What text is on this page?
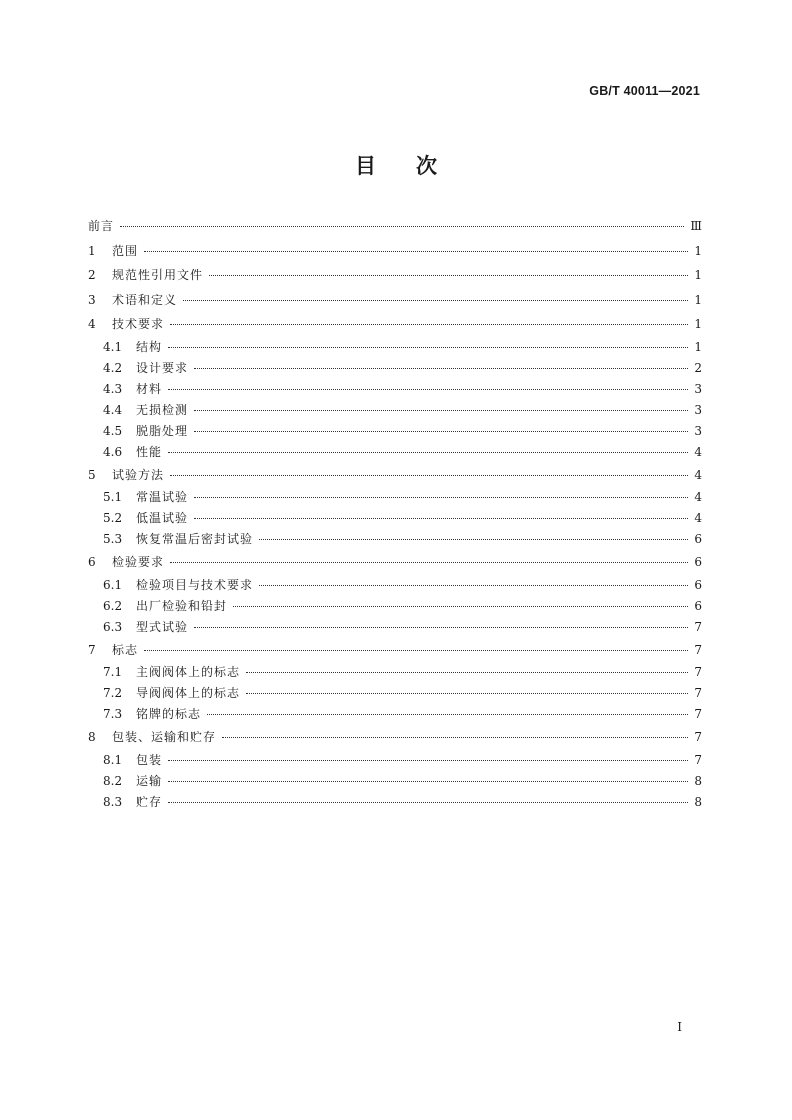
GB/T 40011—2021
目 次
前言	Ⅲ
1	范围	1
2	规范性引用文件	1
3	术语和定义	1
4	技术要求	1
4.1	结构	1
4.2	设计要求	2
4.3	材料	3
4.4	无损检测	3
4.5	脱脂处理	3
4.6	性能	4
5	试验方法	4
5.1	常温试验	4
5.2	低温试验	4
5.3	恢复常温后密封试验	6
6	检验要求	6
6.1	检验项目与技术要求	6
6.2	出厂检验和铅封	6
6.3	型式试验	7
7	标志	7
7.1	主阀阀体上的标志	7
7.2	导阀阀体上的标志	7
7.3	铭牌的标志	7
8	包装、运输和贮存	7
8.1	包装	7
8.2	运输	8
8.3	贮存	8
I
